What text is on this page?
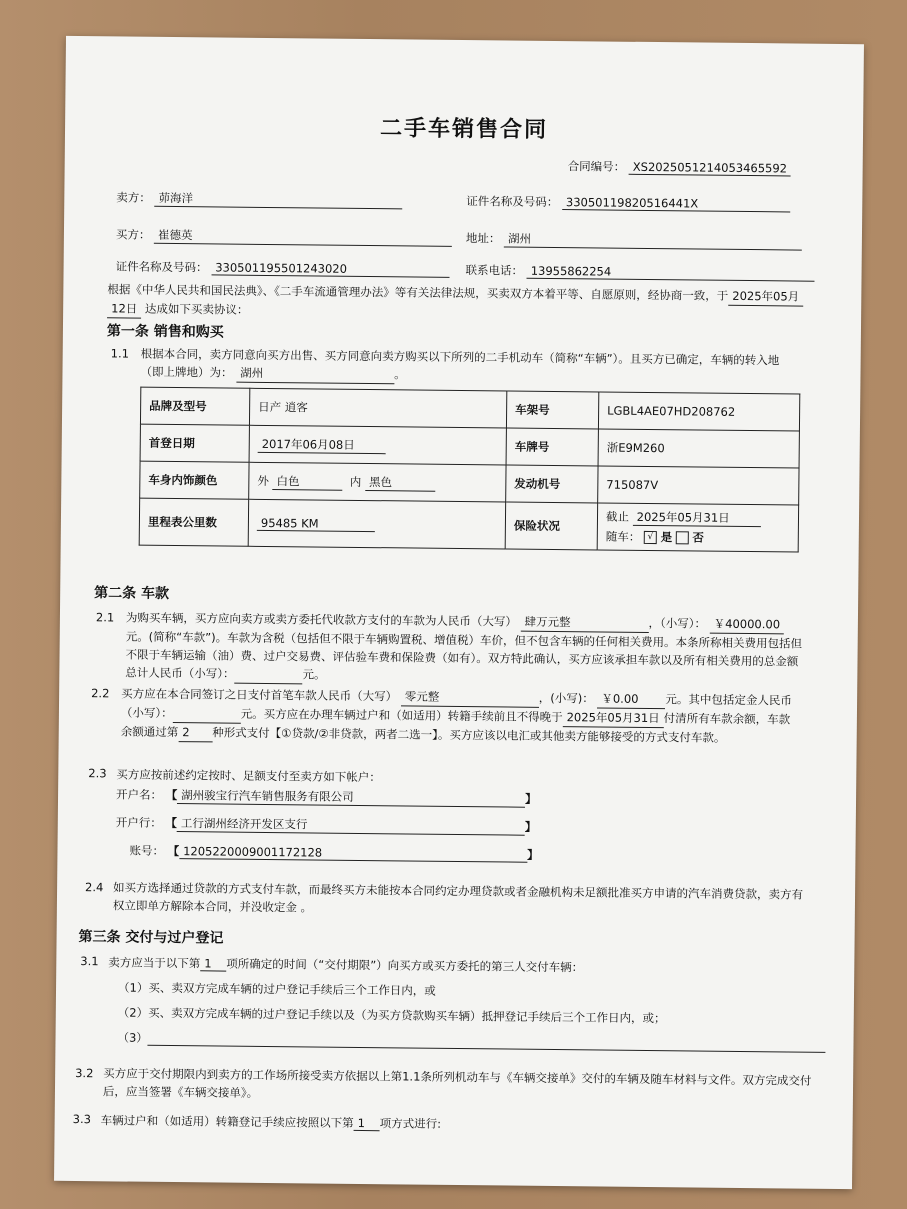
二手车销售合同
合同编号： XS2025051214053465592
卖方： 茆海洋	证件名称及号码： 33050119820516441X
买方： 崔德英	地址： 湖州
证件名称及号码： 330501195501243020	联系电话： 13955862254
根据《中华人民共和国民法典》、《二手车流通管理办法》等有关法律法规，买卖双方本着平等、自愿原则，经协商一致，于 2025年05月 12日 达成如下买卖协议：
第一条 销售和购买
1.1 根据本合同，卖方同意向买方出售、买方同意向卖方购买以下所列的二手机动车（简称“车辆”）。且买方已确定，车辆的转入地（即上牌地）为： 湖州	。
品牌及型号	日产 逍客	车架号	LGBL4AE07HD208762
首登日期	2017年06月08日	车牌号	浙E9M260
车身内饰颜色	外 白色 内 黑色	发动机号	715087V
里程表公里数	95485 KM	保险状况	截止 2025年05月31日
随车： √ 是 否
第二条 车款
2.1 为购买车辆，买方应向卖方或卖方委托代收款方支付的车款为人民币（大写） 肆万元整	，（小写）： ￥40000.00元。(简称“车款”)。车款为含税（包括但不限于车辆购置税、增值税）车价，但不包含车辆的任何相关费用。本条所称相关费用包括但不限于车辆运输（油）费、过户交易费、评估验车费和保险费（如有）。双方特此确认，买方应该承担车款以及所有相关费用的总金额总计人民币（小写）：	元。
2.2 买方应在本合同签订之日支付首笔车款人民币（大写） 零元整	，(小写)： ￥0.00 元。其中包括定金人民币（小写）：	元。买方应在办理车辆过户和（如适用）转籍手续前且不得晚于 2025年05月31日 付清所有车款余额，车款余额通过第 2 种形式支付【①贷款/②非贷款，两者二选一】。买方应该以电汇或其他卖方能够接受的方式支付车款。
2.3 买方应按前述约定按时、足额支付至卖方如下帐户：
开户名： 【 湖州骏宝行汽车销售服务有限公司	】
开户行： 【 工行湖州经济开发区支行	】
账号： 【 1205220009001172128	】
2.4 如买方选择通过贷款的方式支付车款，而最终买方未能按本合同约定办理贷款或者金融机构未足额批准买方申请的汽车消费贷款，卖方有权立即单方解除本合同，并没收定金 。
第三条 交付与过户登记
3.1 卖方应当于以下第 1 项所确定的时间（“交付期限”）向买方或买方委托的第三人交付车辆：
（1）买、卖双方完成车辆的过户登记手续后三个工作日内，或
（2）买、卖双方完成车辆的过户登记手续以及（为买方贷款购买车辆）抵押登记手续后三个工作日内，或；
（3）
3.2 买方应于交付期限内到卖方的工作场所接受卖方依据以上第1.1条所列机动车与《车辆交接单》交付的车辆及随车材料与文件。双方完成交付后，应当签署《车辆交接单》。
3.3 车辆过户和（如适用）转籍登记手续应按照以下第 1 项方式进行:
